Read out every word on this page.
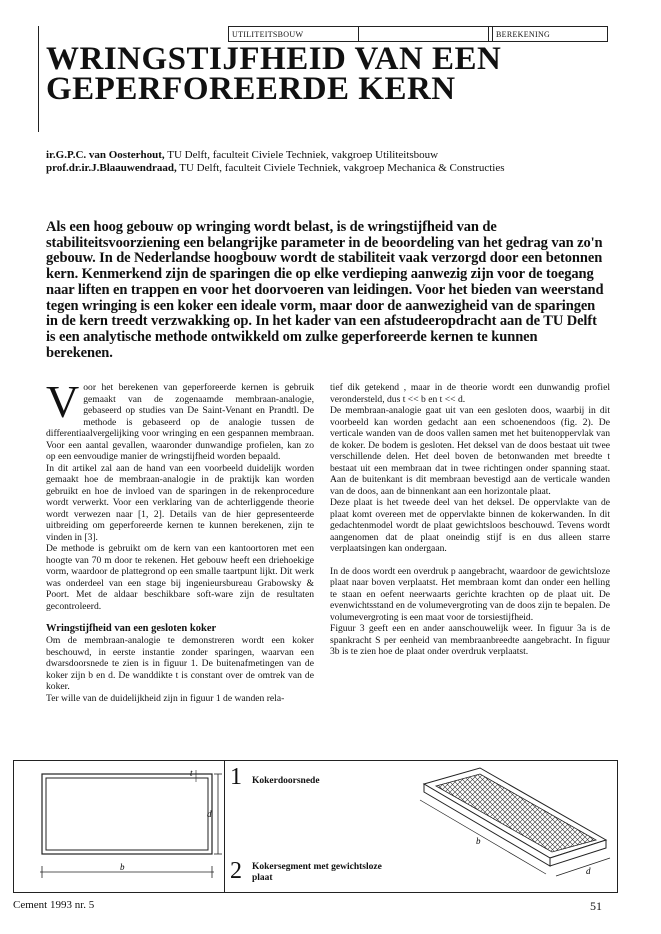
UTILITEITSBOUW	BEREKENING
WRINGSTIJFHEID VAN EEN
GEPERFOREERDE KERN
ir.G.P.C. van Oosterhout, TU Delft, faculteit Civiele Techniek, vakgroep Utiliteitsbouw
prof.dr.ir.J.Blaauwendraad, TU Delft, faculteit Civiele Techniek, vakgroep Mechanica & Constructies
Als een hoog gebouw op wringing wordt belast, is de wringstijfheid van de stabiliteitsvoorziening een belangrijke parameter in de beoordeling van het gedrag van zo'n gebouw. In de Nederlandse hoogbouw wordt de stabiliteit vaak verzorgd door een betonnen kern. Kenmerkend zijn de sparingen die op elke verdieping aanwezig zijn voor de toegang naar liften en trappen en voor het doorvoeren van leidingen. Voor het bieden van weerstand tegen wringing is een koker een ideale vorm, maar door de aanwezigheid van de sparingen in de kern treedt verzwakking op. In het kader van een afstudeeropdracht aan de TU Delft is een analytische methode ontwikkeld om zulke geperforeerde kernen te kunnen berekenen.

Voor het berekenen van geperforeerde kernen is gebruik gemaakt van de zogenaamde membraan-analogie, gebaseerd op studies van De Saint-Venant en Prandtl. De methode is gebaseerd op de analogie tussen de differentiaalvergelijking voor wringing en een gespannen membraan. Voor een aantal gevallen, waaronder dunwandige profielen, kan zo op een eenvoudige manier de wringstijfheid worden bepaald.

In dit artikel zal aan de hand van een voorbeeld duidelijk worden gemaakt hoe de membraan-analogie in de praktijk kan worden gebruikt en hoe de invloed van de sparingen in de rekenprocedure wordt verwerkt. Voor een verklaring van de achterliggende theorie wordt verwezen naar [1, 2]. Details van de hier gepresenteerde uitbreiding om geperforeerde kernen te kunnen berekenen, zijn te vinden in [3].

De methode is gebruikt om de kern van een kantoortoren met een hoogte van 70 m door te rekenen. Het gebouw heeft een driehoekige vorm, waardoor de plattegrond op een smalle taartpunt lijkt. Dit werk was onderdeel van een stage bij ingenieursbureau Grabowsky & Poort. Met de aldaar beschikbare soft-ware zijn de resultaten gecontroleerd.

Wringstijfheid van een gesloten koker

Om de membraan-analogie te demonstreren wordt een koker beschouwd, in eerste instantie zonder sparingen, waarvan een dwarsdoorsnede te zien is in figuur 1. De buitenafmetingen van de koker zijn b en d. De wanddikte t is constant over de omtrek van de koker.

Ter wille van de duidelijkheid zijn in figuur 1 de wanden rela-

tief dik getekend , maar in de theorie wordt een dunwandig profiel verondersteld, dus t << b en t << d.

De membraan-analogie gaat uit van een gesloten doos, waarbij in dit voorbeeld kan worden gedacht aan een schoenendoos (fig. 2). De verticale wanden van de doos vallen samen met het buitenoppervlak van de koker. De bodem is gesloten. Het deksel van de doos bestaat uit twee verschillende delen. Het deel boven de betonwanden met breedte t bestaat uit een membraan dat in twee richtingen onder spanning staat. Aan de buitenkant is dit membraan bevestigd aan de verticale wanden van de doos, aan de binnenkant aan een horizontale plaat.

Deze plaat is het tweede deel van het deksel. De oppervlakte van de plaat komt overeen met de oppervlakte binnen de kokerwanden. In dit gedachtenmodel wordt de plaat gewichtsloos beschouwd. Tevens wordt aangenomen dat de plaat oneindig stijf is en dus alleen starre verplaatsingen kan ondergaan.

In de doos wordt een overdruk p aangebracht, waardoor de gewichtsloze plaat naar boven verplaatst. Het membraan komt dan onder een helling te staan en oefent neerwaarts gerichte krachten op de plaat uit. De evenwichtsstand en de volumevergroting van de doos zijn te bepalen. De volumevergroting is een maat voor de torsiestijfheid.

Figuur 3 geeft een en ander aanschouwelijk weer. In figuur 3a is de spankracht S per eenheid van membraanbreedte aangebracht. In figuur 3b is te zien hoe de plaat onder overdruk verplaatst.

t
d
b
1 Kokerdoorsnede
2 Kokersegment met gewichtsloze
plaat
b
d
Cement 1993 nr. 5	51
